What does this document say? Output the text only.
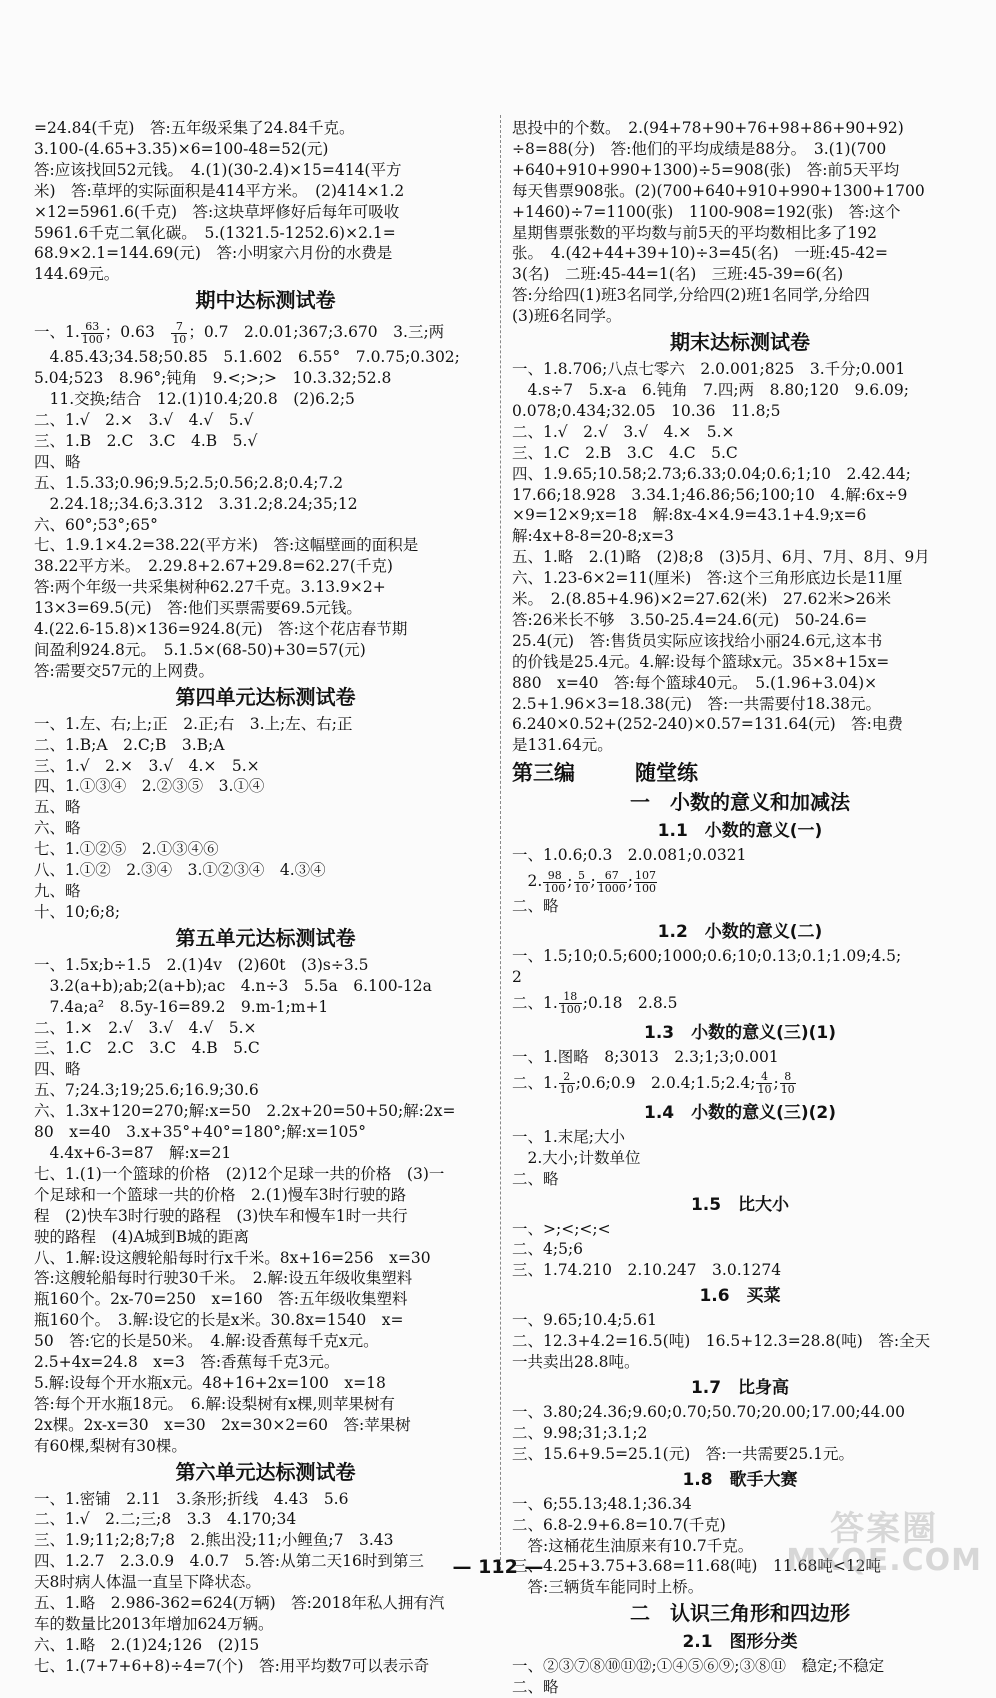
=24.84(千克)　答:五年级采集了24.84千克。
3.100-(4.65+3.35)×6=100-48=52(元)
答:应该找回52元钱。　4.(1)(30-2.4)×15=414(平方
米)　答:草坪的实际面积是414平方米。　(2)414×1.2
×12=5961.6(千克)　答:这块草坪修好后每年可吸收
5961.6千克二氧化碳。　5.(1321.5-1252.6)×2.1=
68.9×2.1=144.69(元)　答:小明家六月份的水费是
144.69元。
期中达标测试卷
一、1. $\frac{63}{100}$ ；0.63　 $\frac{7}{10}$ ；0.7　2.0.01;367;3.670　3.三;两
　4.85.43;34.58;50.85　5.1.602　6.55°　7.0.75;0.302;
5.04;523　8.96°;钝角　9.<;>;>　10.3.32;52.8
　11.交换;结合　12.(1)10.4;20.8　(2)6.2;5
二、1.√　2.×　3.√　4.√　5.√
三、1.B　2.C　3.C　4.B　5.√
四、略
五、1.5.33;0.96;9.5;2.5;0.56;2.8;0.4;7.2
　2.24.18;;34.6;3.312　3.31.2;8.24;35;12
六、60°;53°;65°
七、1.9.1×4.2=38.22(平方米)　答:这幅壁画的面积是
38.22平方米。　2.29.8+2.67+29.8=62.27(千克)
答:两个年级一共采集树种62.27千克。3.13.9×2+
13×3=69.5(元)　答:他们买票需要69.5元钱。
4.(22.6-15.8)×136=924.8(元)　答:这个花店春节期
间盈利924.8元。　5.1.5×(68-50)+30=57(元)
答:需要交57元的上网费。
第四单元达标测试卷
一、1.左、右;上;正　2.正;右　3.上;左、右;正
二、1.B;A　2.C;B　3.B;A
三、1.√　2.×　3.√　4.×　5.×
四、1.①③④　2.②③⑤　3.①④
五、略
六、略
七、1.①②⑤　2.①③④⑥
八、1.①②　2.③④　3.①②③④　4.③④
九、略
十、10;6;8;
第五单元达标测试卷
一、1.5x;b÷1.5　2.(1)4v　(2)60t　(3)s÷3.5
　3.2(a+b);ab;2(a+b);ac　4.n÷3　5.5a　6.100-12a
　7.4a;a²　8.5y-16=89.2　9.m-1;m+1
二、1.×　2.√　3.√　4.√　5.×
三、1.C　2.C　3.C　4.B　5.C
四、略
五、7;24.3;19;25.6;16.9;30.6
六、1.3x+120=270;解:x=50　2.2x+20=50+50;解:2x=
80　x=40　3.x+35°+40°=180°;解:x=105°
　4.4x+6-3=87　解:x=21
七、1.(1)一个篮球的价格　(2)12个足球一共的价格　(3)一
个足球和一个篮球一共的价格　2.(1)慢车3时行驶的路
程　(2)快车3时行驶的路程　(3)快车和慢车1时一共行
驶的路程　(4)A城到B城的距离
八、1.解:设这艘轮船每时行x千米。8x+16=256　x=30
答:这艘轮船每时行驶30千米。　2.解:设五年级收集塑料
瓶160个。2x-70=250　x=160　答:五年级收集塑料
瓶160个。　3.解:设它的长是x米。30.8x=1540　x=
50　答:它的长是50米。　4.解:设香蕉每千克x元。
2.5+4x=24.8　x=3　答:香蕉每千克3元。
5.解:设每个开水瓶x元。48+16+2x=100　x=18
答:每个开水瓶18元。　6.解:设梨树有x棵,则苹果树有
2x棵。2x-x=30　x=30　2x=30×2=60　答:苹果树
有60棵,梨树有30棵。
第六单元达标测试卷
一、1.密铺　2.11　3.条形;折线　4.43　5.6
二、1.√　2.二;三;8　3.3　4.170;34
三、1.9;11;2;8;7;8　2.熊出没;11;小鲤鱼;7　3.43
四、1.2.7　2.3.0.9　4.0.7　5.答:从第二天16时到第三
天8时病人体温一直呈下降状态。
五、1.略　2.986-362=624(万辆)　答:2018年私人拥有汽
车的数量比2013年增加624万辆。
六、1.略　2.(1)24;126　(2)15
七、1.(7+7+6+8)÷4=7(个)　答:用平均数7可以表示奇
思投中的个数。　2.(94+78+90+76+98+86+90+92)
÷8=88(分)　答:他们的平均成绩是88分。　3.(1)(700
+640+910+990+1300)÷5=908(张)　答:前5天平均
每天售票908张。(2)(700+640+910+990+1300+1700
+1460)÷7=1100(张)　1100-908=192(张)　答:这个
星期售票张数的平均数与前5天的平均数相比多了192
张。　4.(42+44+39+10)÷3=45(名)　一班:45-42=
3(名)　二班:45-44=1(名)　三班:45-39=6(名)
答:分给四(1)班3名同学,分给四(2)班1名同学,分给四
(3)班6名同学。
期末达标测试卷
一、1.8.706;八点七零六　2.0.001;825　3.千分;0.001
　4.s÷7　5.x-a　6.钝角　7.四;两　8.80;120　9.6.09;
0.078;0.434;32.05　10.36　11.8;5
二、1.√　2.√　3.√　4.×　5.×
三、1.C　2.B　3.C　4.C　5.C
四、1.9.65;10.58;2.73;6.33;0.04;0.6;1;10　2.42.44;
17.66;18.928　3.34.1;46.86;56;100;10　4.解:6x÷9
×9=12×9;x=18　解:8x-4×4.9=43.1+4.9;x=6
解:4x+8-8=20-8;x=3
五、1.略　2.(1)略　(2)8;8　(3)5月、6月、7月、8月、9月
六、1.23-6×2=11(厘米)　答:这个三角形底边长是11厘
米。　2.(8.85+4.96)×2=27.62(米)　27.62米>26米
答:26米长不够　3.50-25.4=24.6(元)　50-24.6=
25.4(元)　答:售货员实际应该找给小丽24.6元,这本书
的价钱是25.4元。4.解:设每个篮球x元。35×8+15x=
880　x=40　答:每个篮球40元。　5.(1.96+3.04)×
2.5+1.96×3=18.38(元)　答:一共需要付18.38元。
6.240×0.52+(252-240)×0.57=131.64(元)　答:电费
是131.64元。
第三编	随堂练
一　小数的意义和加减法
1.1　小数的意义(一)
一、1.0.6;0.3　2.0.081;0.0321
　2. $\frac{98}{100}$ ; $\frac{5}{10}$ ; $\frac{67}{1000}$ ; $\frac{107}{100}$
二、略
1.2　小数的意义(二)
一、1.5;10;0.5;600;1000;0.6;10;0.13;0.1;1.09;4.5;
2
二、1. $\frac{18}{100}$ ;0.18　2.8.5
1.3　小数的意义(三)(1)
一、1.图略　8;3013　2.3;1;3;0.001
二、1. $\frac{2}{10}$ ;0.6;0.9　2.0.4;1.5;2.4; $\frac{4}{10}$ ; $\frac{8}{10}$
1.4　小数的意义(三)(2)
一、1.末尾;大小
　2.大小;计数单位
二、略
1.5　比大小
一、>;<;<;<
二、4;5;6
三、1.74.210　2.10.247　3.0.1274
1.6　买菜
一、9.65;10.4;5.61
二、12.3+4.2=16.5(吨)　16.5+12.3=28.8(吨)　答:全天
一共卖出28.8吨。
1.7　比身高
一、3.80;24.36;9.60;0.70;50.70;20.00;17.00;44.00
二、9.98;31;3.1;2
三、15.6+9.5=25.1(元)　答:一共需要25.1元。
1.8　歌手大赛
一、6;55.13;48.1;36.34
二、6.8-2.9+6.8=10.7(千克)
　答:这桶花生油原来有10.7千克。
三、4.25+3.75+3.68=11.68(吨)　11.68吨<12吨
　答:三辆货车能同时上桥。
二　认识三角形和四边形
2.1　图形分类
一、②③⑦⑧⑩⑪⑫;①④⑤⑥⑨;③⑧⑪　稳定;不稳定
二、略
— 112 —
答案圈
MXQE.COM
